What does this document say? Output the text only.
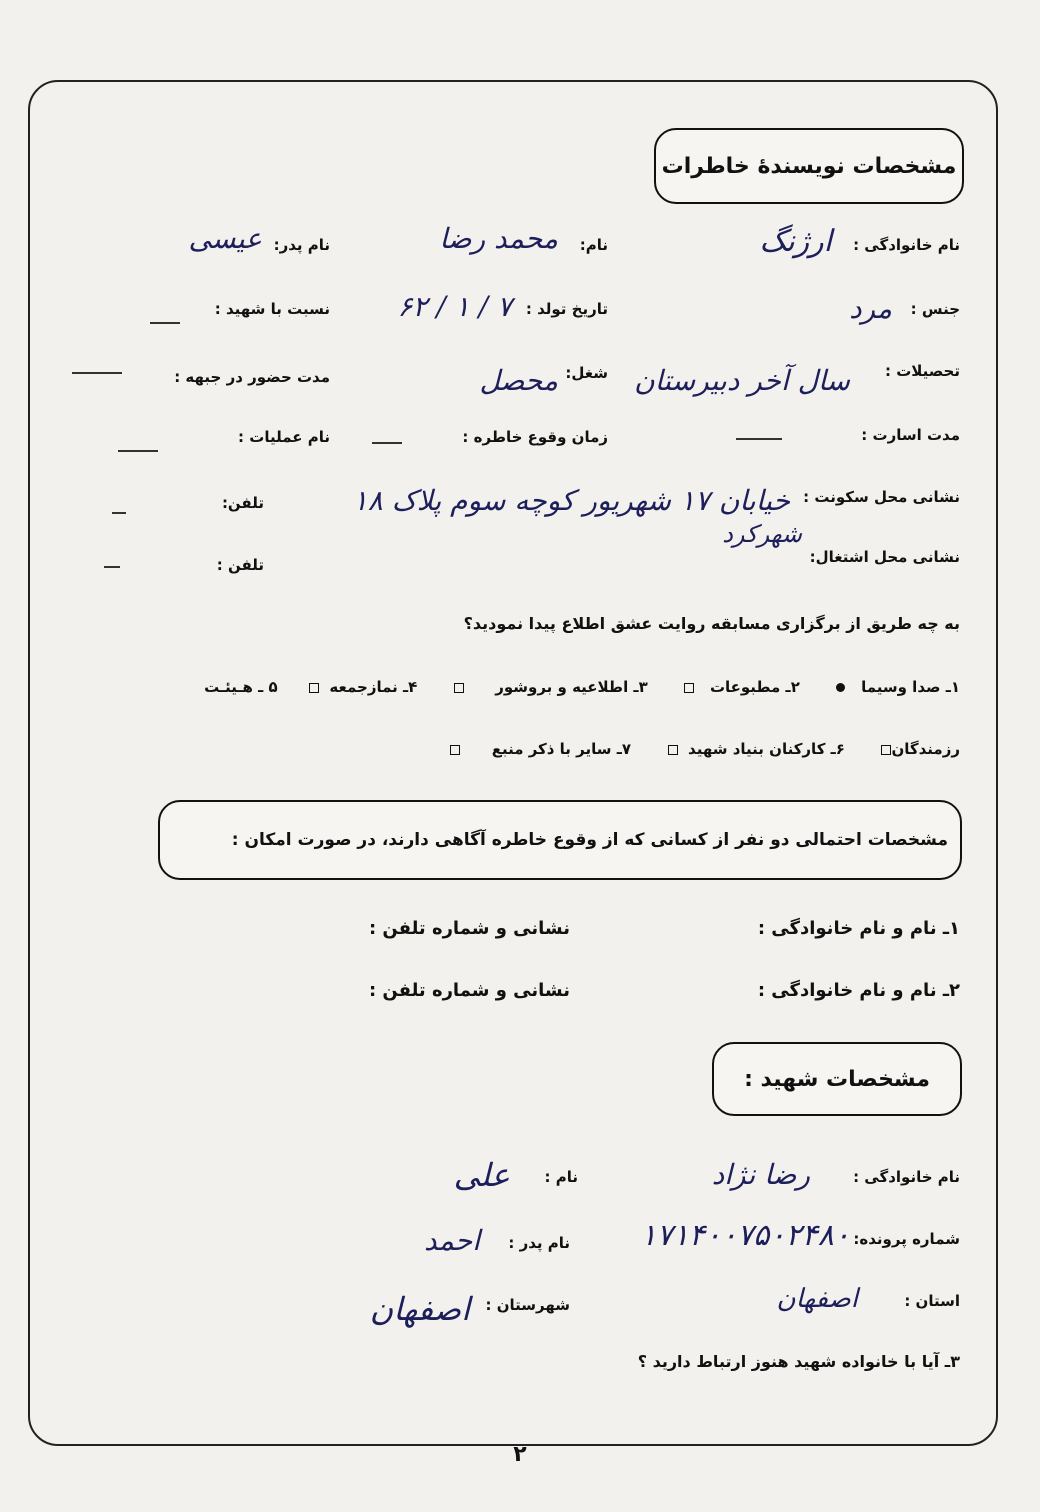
مشخصات نویسندهٔ خاطرات
نام خانوادگی :
ارژنگ
نام:
محمد رضا
نام پدر:
عیسی
جنس :
مرد
تاریخ تولد :
۷ / ۱ / ۶۲
نسبت با شهید :
تحصیلات :
سال آخر دبیرستان
شغل:
محصل
مدت حضور در جبهه :
مدت اسارت :
زمان وقوع خاطره :
نام عملیات :
نشانی محل سکونت :
خیابان ۱۷ شهریور کوچه سوم پلاک ۱۸
تلفن:
نشانی محل اشتغال:
شهرکرد
تلفن :
به چه طریق از برگزاری مسابقه روایت عشق اطلاع پیدا نمودید؟
۱ـ صدا وسیما          ۲ـ مطبوعات          ۳ـ اطلاعیه و بروشور             ۴ـ نمازجمعه        ۵ ـ هـیئـت
رزمندگان       ۶ـ کارکنان بنیاد شهید         ۷ـ سایر با ذکر منبع
مشخصات احتمالی دو نفر از کسانی که از وقوع خاطره آگاهی دارند، در صورت امکان :
۱ـ نام و نام خانوادگی :
نشانی و شماره تلفن :
۲ـ نام و نام خانوادگی :
نشانی و شماره تلفن :
مشخصات شهید :
نام خانوادگی :
رضا نژاد
نام :
علی
شماره پرونده:
۱۷۱۴۰۰۷۵۰۲۴۸۰
نام پدر :
احمد
استان :
اصفهان
شهرستان :
اصفهان
۳ـ آیا با خانواده شهید هنوز ارتباط دارید ؟
۲
